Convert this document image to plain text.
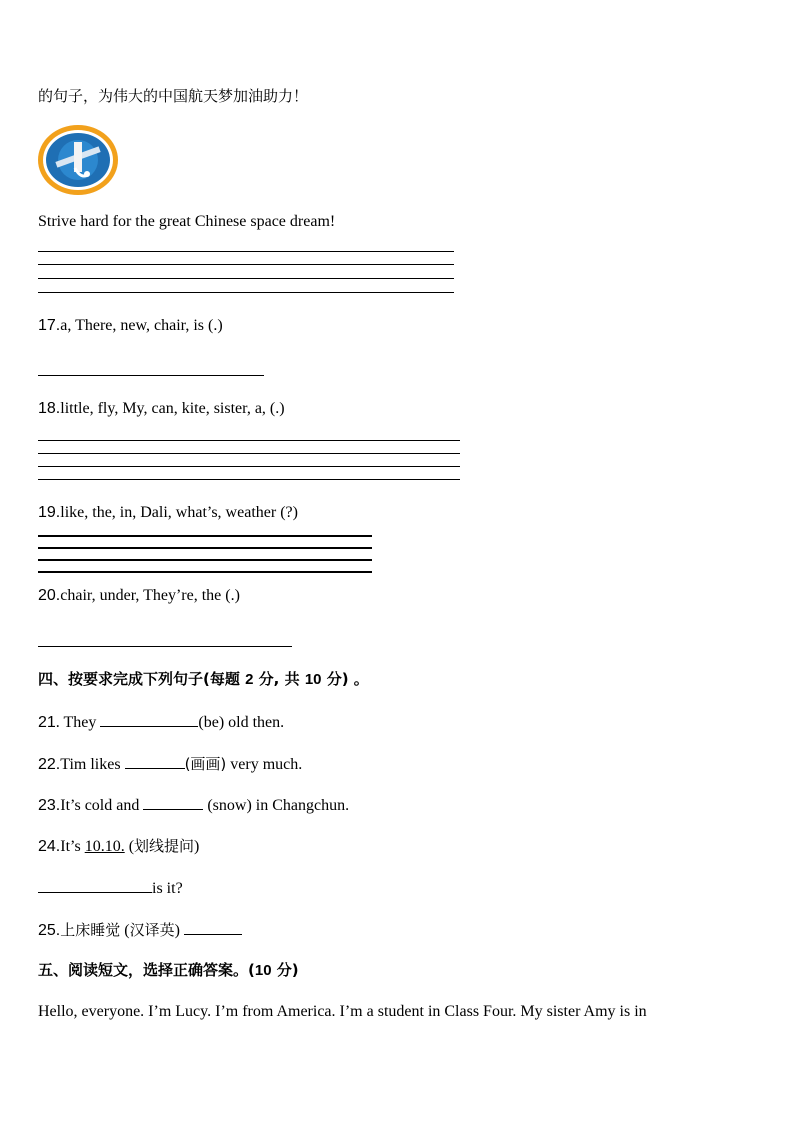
的句子，为伟大的中国航天梦加油助力！
Strive hard for the great Chinese space dream!
17.a, There, new, chair, is (.)
18.little, fly, My, can, kite, sister, a, (.)
19.like, the, in, Dali, what’s, weather (?)
20.chair, under, They’re, the (.)
四、按要求完成下列句子(每题 2 分, 共 10 分) 。
21. They	(be) old then.
22.Tim likes	(画画) very much.
23.It’s cold and	(snow) in Changchun.
24.It’s 10.10. (划线提问)
is it?
25.上床睡觉 (汉译英)
五、阅读短文，选择正确答案。(10 分)
Hello, everyone. I’m Lucy. I’m from America. I’m a student in Class Four. My sister Amy is in
